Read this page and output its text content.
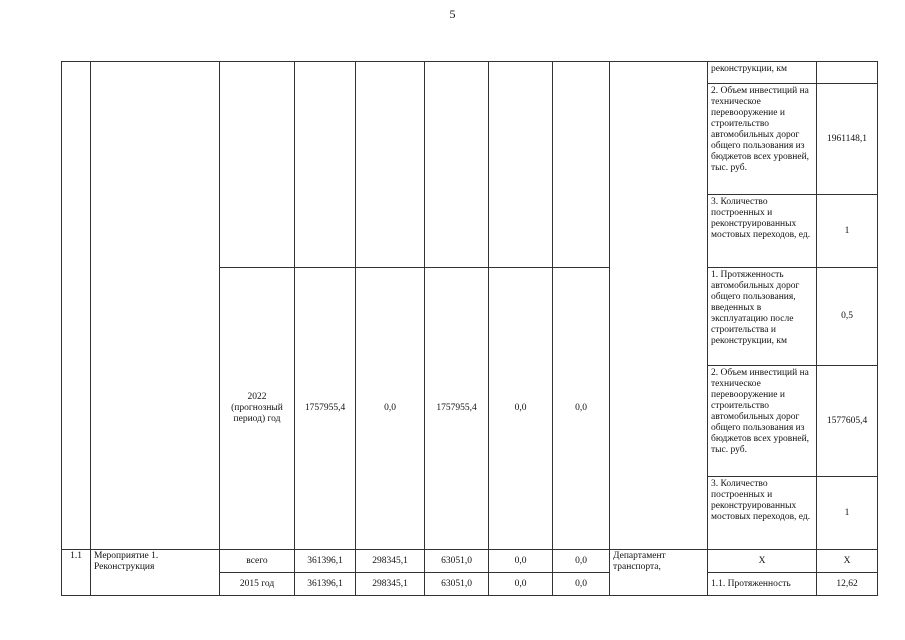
5
									реконструкции, км	
									2. Объем инвестиций на техническое перевооружение и строительство автомобильных дорог общего пользования из бюджетов всех уровней, тыс. руб.	1961148,1
									3. Количество построенных и реконструированных мостовых переходов, ед.	1
		2022 (прогнозный период) год	1757955,4	0,0	1757955,4	0,0	0,0		1. Протяженность автомобильных дорог общего пользования, введенных в эксплуатацию после строительства и реконструкции, км	0,5
									2. Объем инвестиций на техническое перевооружение и строительство автомобильных дорог общего пользования из бюджетов всех уровней, тыс. руб.	1577605,4
									3. Количество построенных и реконструированных мостовых переходов, ед.	1
1.1	Мероприятие 1. Реконструкция	всего	361396,1	298345,1	63051,0	0,0	0,0	Департамент транспорта,	X	X
		2015 год	361396,1	298345,1	63051,0	0,0	0,0		1.1. Протяженность	12,62
